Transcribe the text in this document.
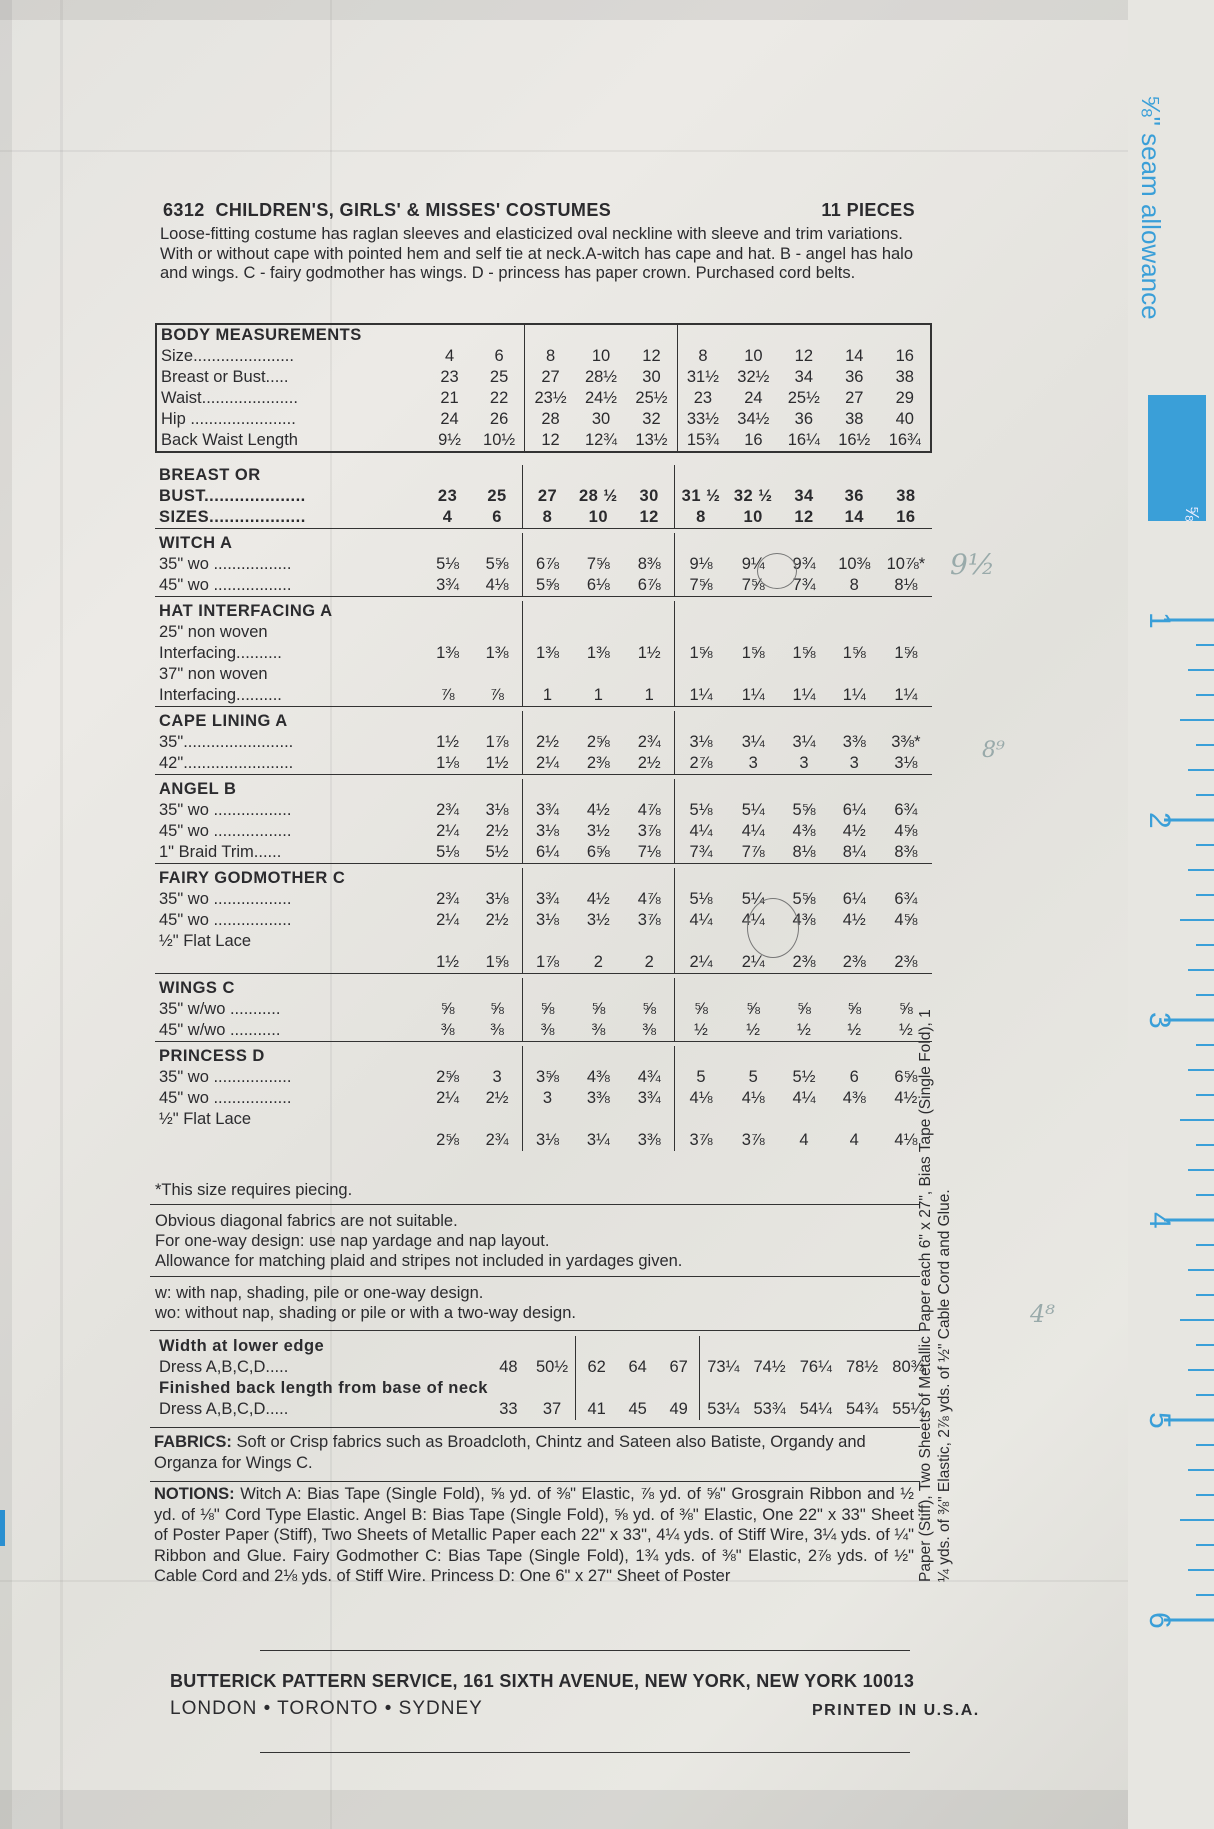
6312 CHILDREN'S, GIRLS' & MISSES' COSTUMES	11 PIECES
Loose-fitting costume has raglan sleeves and elasticized oval neckline with sleeve and trim variations. With or without cape with pointed hem and self tie at neck.A-witch has cape and hat. B - angel has halo and wings. C - fairy godmother has wings. D - princess has paper crown. Purchased cord belts.
BODY MEASUREMENTS										
Size......................	4	6	8	10	12	8	10	12	14	16
Breast or Bust.....	23	25	27	28½	30	31½	32½	34	36	38
Waist.....................	21	22	23½	24½	25½	23	24	25½	27	29
Hip .......................	24	26	28	30	32	33½	34½	36	38	40
Back Waist Length	9½	10½	12	12¾	13½	15¾	16	16¼	16½	16¾
BREAST OR										
BUST....................	23	25	27	28 ½	30	31 ½	32 ½	34	36	38
SIZES...................	4	6	8	10	12	8	10	12	14	16

WITCH A										
35" wo .................	5⅛	5⅝	6⅞	7⅝	8⅜	9⅛	9¼	9¾	10⅜	10⅞*
45" wo .................	3¾	4⅛	5⅝	6⅛	6⅞	7⅝	7⅝	7¾	8	8⅛

HAT INTERFACING A										
25" non woven										
Interfacing..........	1⅜	1⅜	1⅜	1⅜	1½	1⅝	1⅝	1⅝	1⅝	1⅝
37" non woven										
Interfacing..........	⅞	⅞	1	1	1	1¼	1¼	1¼	1¼	1¼

CAPE LINING A										
35"........................	1½	1⅞	2½	2⅝	2¾	3⅛	3¼	3¼	3⅜	3⅜*
42"........................	1⅛	1½	2¼	2⅜	2½	2⅞	3	3	3	3⅛

ANGEL B										
35" wo .................	2¾	3⅛	3¾	4½	4⅞	5⅛	5¼	5⅝	6¼	6¾
45" wo .................	2¼	2½	3⅛	3½	3⅞	4¼	4¼	4⅜	4½	4⅝
1" Braid Trim......	5⅛	5½	6¼	6⅝	7⅛	7¾	7⅞	8⅛	8¼	8⅜

FAIRY GODMOTHER C										
35" wo .................	2¾	3⅛	3¾	4½	4⅞	5⅛	5¼	5⅝	6¼	6¾
45" wo .................	2¼	2½	3⅛	3½	3⅞	4¼	4¼	4⅜	4½	4⅝
½" Flat Lace										
	1½	1⅝	1⅞	2	2	2¼	2¼	2⅜	2⅜	2⅜

WINGS C										
35" w/wo ...........	⅝	⅝	⅝	⅝	⅝	⅝	⅝	⅝	⅝	⅝
45" w/wo ...........	⅜	⅜	⅜	⅜	⅜	½	½	½	½	½

PRINCESS D										
35" wo .................	2⅝	3	3⅝	4⅜	4¾	5	5	5½	6	6⅝
45" wo .................	2¼	2½	3	3⅜	3¾	4⅛	4⅛	4¼	4⅜	4½
½" Flat Lace										
	2⅝	2¾	3⅛	3¼	3⅜	3⅞	3⅞	4	4	4⅛
*This size requires piecing.
Obvious diagonal fabrics are not suitable.
For one-way design: use nap yardage and nap layout.
Allowance for matching plaid and stripes not included in yardages given.
w: with nap, shading, pile or one-way design.
wo: without nap, shading or pile or with a two-way design.
Width at lower edge										
Dress A,B,C,D.....	48	50½	62	64	67	73¼	74½	76¼	78½	80¾
Finished back length from base of neck										
Dress A,B,C,D.....	33	37	41	45	49	53¼	53¾	54¼	54¾	55¼
FABRICS: Soft or Crisp fabrics such as Broadcloth, Chintz and Sateen also Batiste, Organdy and Organza for Wings C.
NOTIONS: Witch A: Bias Tape (Single Fold), ⅝ yd. of ⅜" Elastic, ⅞ yd. of ⅝" Grosgrain Ribbon and ½ yd. of ⅛" Cord Type Elastic. Angel B: Bias Tape (Single Fold), ⅝ yd. of ⅜" Elastic, One 22" x 33" Sheet of Poster Paper (Stiff), Two Sheets of Metallic Paper each 22" x 33", 4¼ yds. of Stiff Wire, 3¼ yds. of ¼" Ribbon and Glue. Fairy Godmother C: Bias Tape (Single Fold), 1¾ yds. of ⅜" Elastic, 2⅞ yds. of ½" Cable Cord and 2⅛ yds. of Stiff Wire. Princess D: One 6" x 27" Sheet of Poster	Paper (Stiff), Two Sheets of Metallic Paper each 6" x 27", Bias Tape (Single Fold), 1 ¼ yds. of ⅜" Elastic, 2⅞ yds. of ½" Cable Cord and Glue.
BUTTERICK PATTERN SERVICE, 161 SIXTH AVENUE, NEW YORK, NEW YORK 10013
LONDON • TORONTO • SYDNEY	PRINTED IN U.S.A.
9½
8⁹
4⁸
1
2
3
4
5
6
⅝
⅝" seam allowance
